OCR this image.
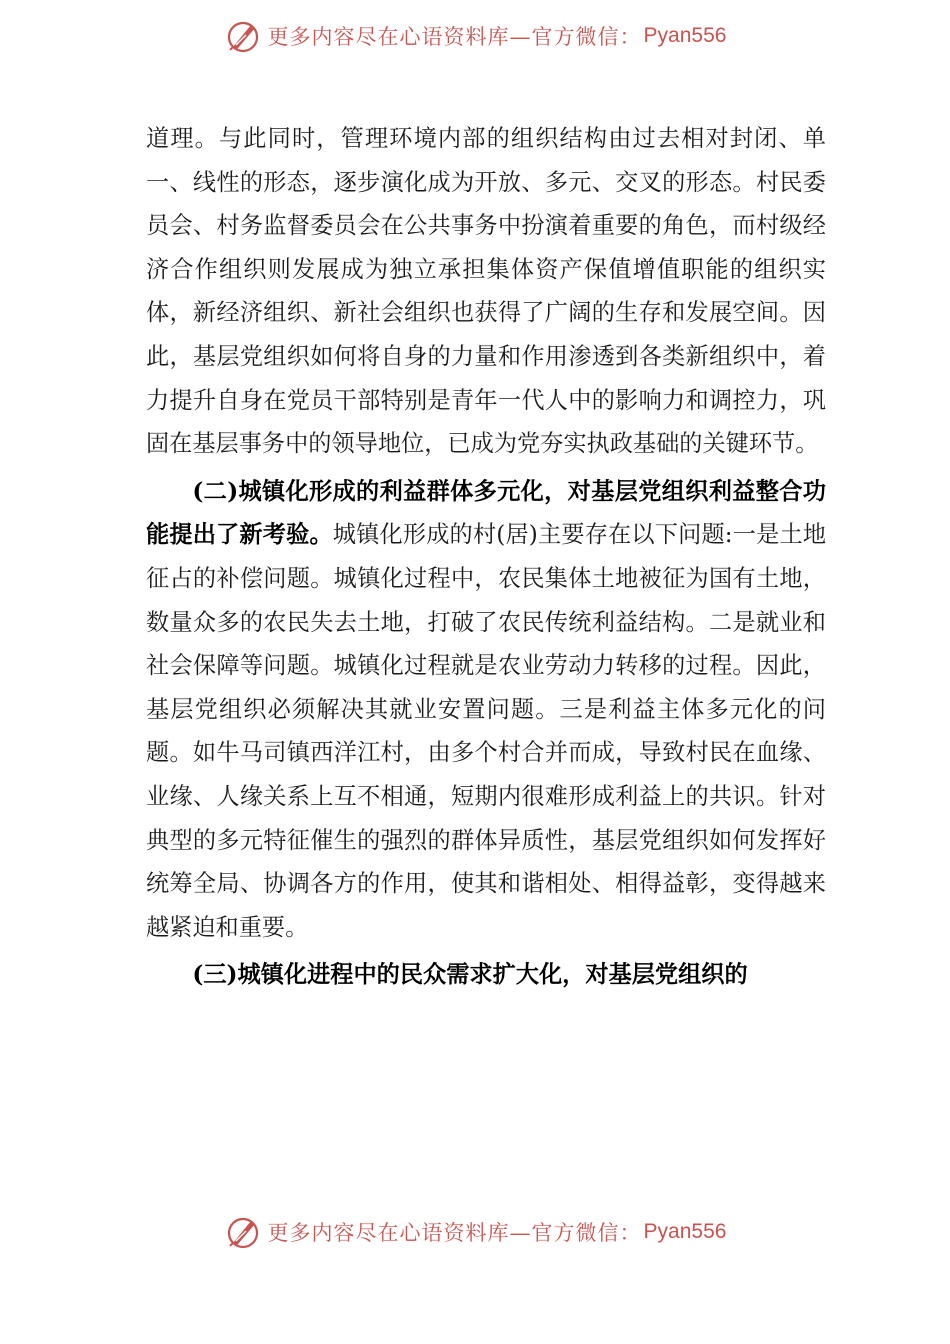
更多内容尽在心语资料库—官方微信： Pyan556

道理。与此同时，管理环境内部的组织结构由过去相对封闭、单一、线性的形态，逐步演化成为开放、多元、交叉的形态。村民委员会、村务监督委员会在公共事务中扮演着重要的角色，而村级经济合作组织则发展成为独立承担集体资产保值增值职能的组织实体，新经济组织、新社会组织也获得了广阔的生存和发展空间。因此，基层党组织如何将自身的力量和作用渗透到各类新组织中，着力提升自身在党员干部特别是青年一代人中的影响力和调控力，巩固在基层事务中的领导地位，已成为党夯实执政基础的关键环节。

(二)城镇化形成的利益群体多元化，对基层党组织利益整合功能提出了新考验。城镇化形成的村(居)主要存在以下问题:一是土地征占的补偿问题。城镇化过程中，农民集体土地被征为国有土地，数量众多的农民失去土地，打破了农民传统利益结构。二是就业和社会保障等问题。城镇化过程就是农业劳动力转移的过程。因此，基层党组织必须解决其就业安置问题。三是利益主体多元化的问题。如牛马司镇西洋江村，由多个村合并而成，导致村民在血缘、业缘、人缘关系上互不相通，短期内很难形成利益上的共识。针对典型的多元特征催生的强烈的群体异质性，基层党组织如何发挥好统筹全局、协调各方的作用，使其和谐相处、相得益彰，变得越来越紧迫和重要。

(三)城镇化进程中的民众需求扩大化，对基层党组织的

更多内容尽在心语资料库—官方微信： Pyan556
